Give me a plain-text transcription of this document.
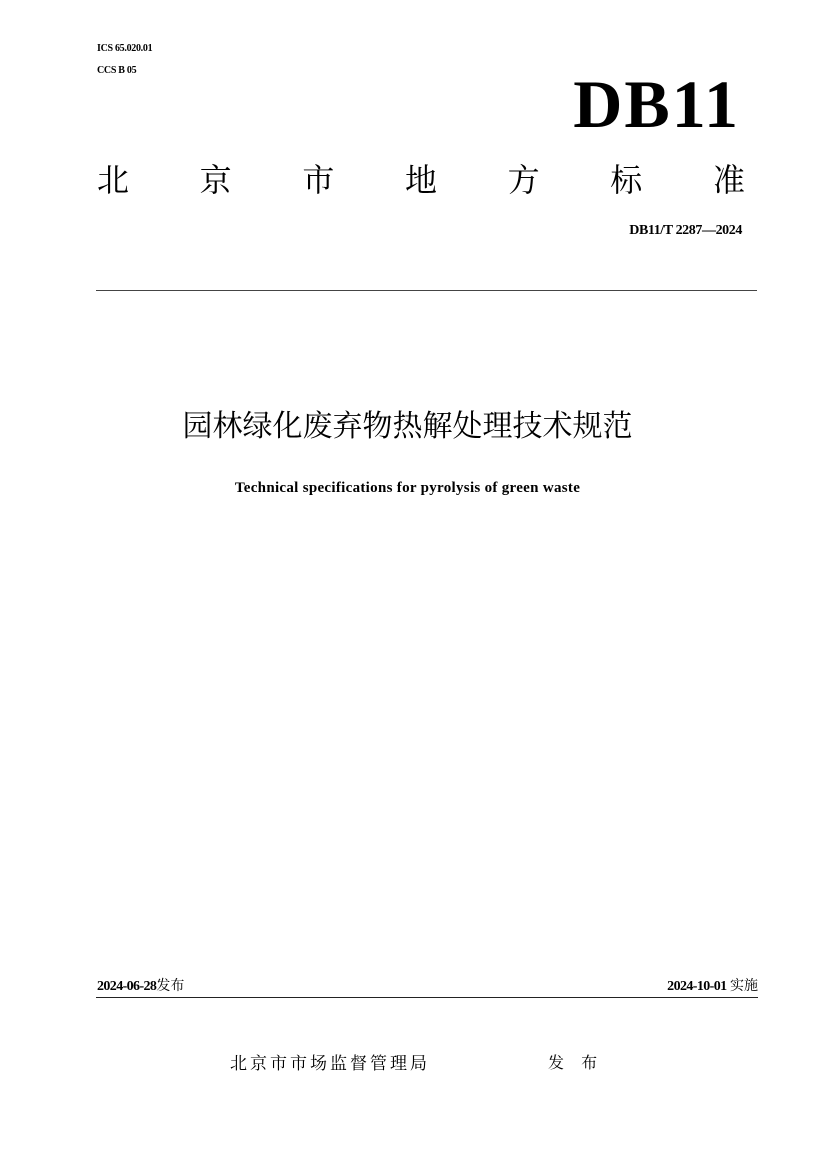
ICS 65.020.01
CCS B 05	DB11
北 京 市 地 方 标 准
DB11/T 2287—2024
园林绿化废弃物热解处理技术规范
Technical specifications for pyrolysis of green waste
2024-06-28发布	2024-10-01 实施
北京市市场监督管理局	发 布
